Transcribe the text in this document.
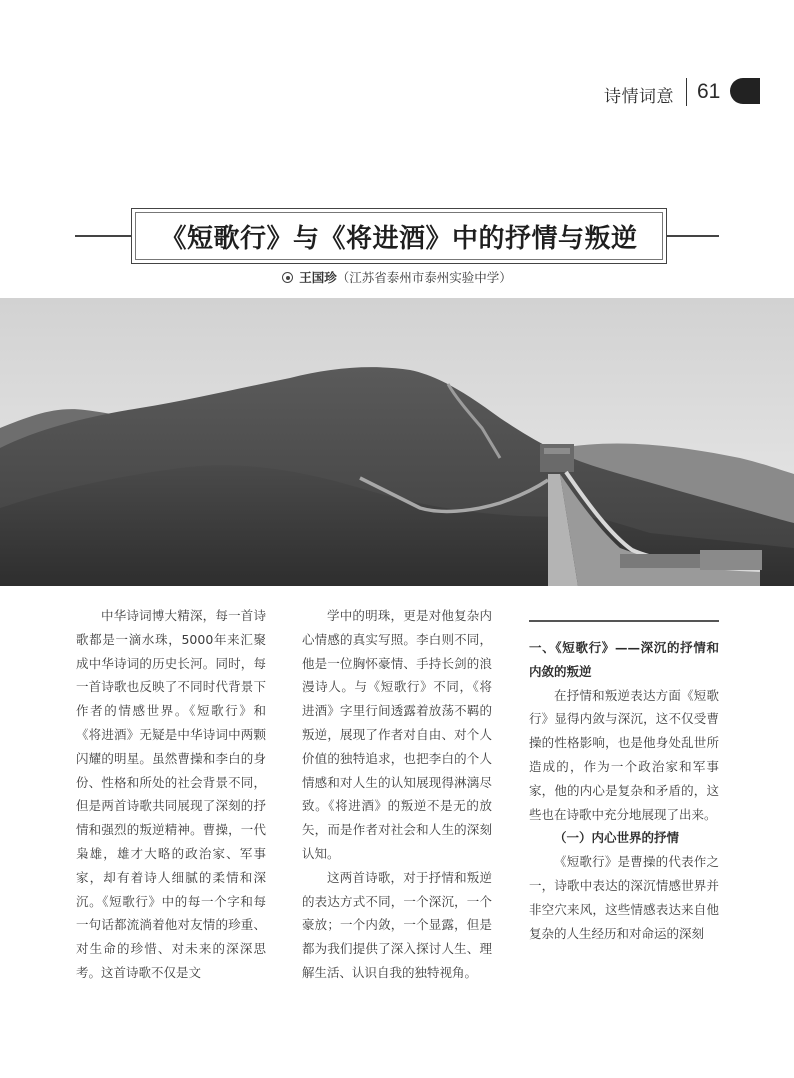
诗情词意 61
《短歌行》与《将进酒》中的抒情与叛逆
王国珍（江苏省泰州市泰州实验中学）

中华诗词博大精深，每一首诗歌都是一滴水珠，5000年来汇聚成中华诗词的历史长河。同时，每一首诗歌也反映了不同时代背景下作者的情感世界。《短歌行》和《将进酒》无疑是中华诗词中两颗闪耀的明星。虽然曹操和李白的身份、性格和所处的社会背景不同，但是两首诗歌共同展现了深刻的抒情和强烈的叛逆精神。曹操，一代枭雄，雄才大略的政治家、军事家，却有着诗人细腻的柔情和深沉。《短歌行》中的每一个字和每一句话都流淌着他对友情的珍重、对生命的珍惜、对未来的深深思考。这首诗歌不仅是文

学中的明珠，更是对他复杂内心情感的真实写照。李白则不同，他是一位胸怀豪情、手持长剑的浪漫诗人。与《短歌行》不同，《将进酒》字里行间透露着放荡不羁的叛逆，展现了作者对自由、对个人价值的独特追求，也把李白的个人情感和对人生的认知展现得淋漓尽致。《将进酒》的叛逆不是无的放矢，而是作者对社会和人生的深刻认知。

这两首诗歌，对于抒情和叛逆的表达方式不同，一个深沉，一个豪放；一个内敛，一个显露，但是都为我们提供了深入探讨人生、理解生活、认识自我的独特视角。

一、《短歌行》——深沉的抒情和内敛的叛逆

在抒情和叛逆表达方面《短歌行》显得内敛与深沉，这不仅受曹操的性格影响，也是他身处乱世所造成的，作为一个政治家和军事家，他的内心是复杂和矛盾的，这些也在诗歌中充分地展现了出来。

（一）内心世界的抒情

《短歌行》是曹操的代表作之一，诗歌中表达的深沉情感世界并非空穴来风，这些情感表达来自他复杂的人生经历和对命运的深刻
